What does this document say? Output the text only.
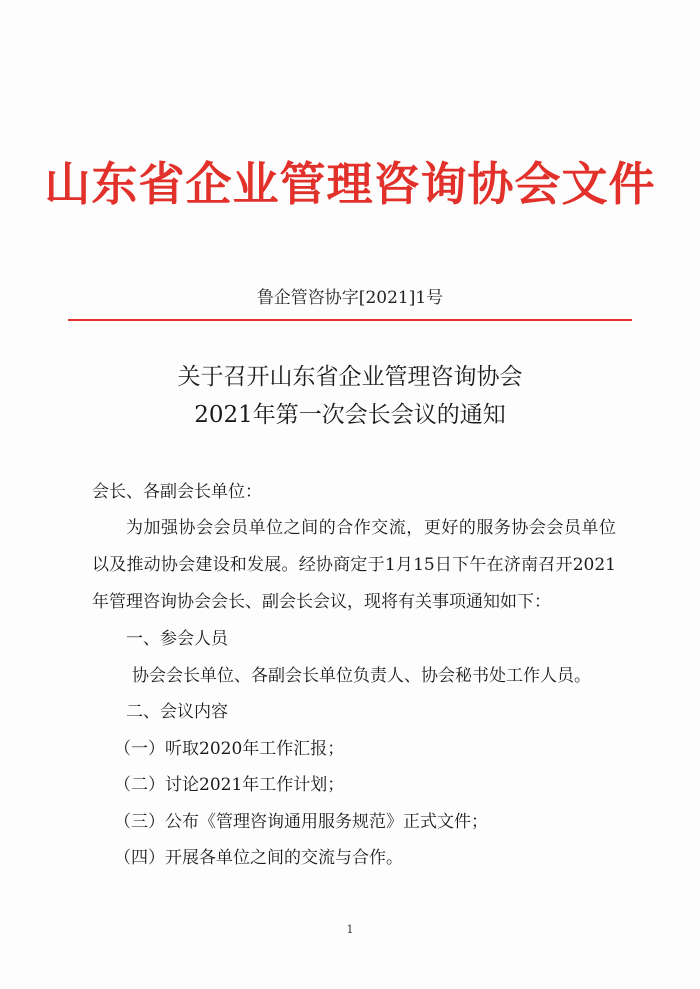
山东省企业管理咨询协会文件
鲁企管咨协字[2021]1号
关于召开山东省企业管理咨询协会
2021年第一次会长会议的通知
会长、各副会长单位：
为加强协会会员单位之间的合作交流，更好的服务协会会员单位以及推动协会建设和发展。经协商定于1月15日下午在济南召开2021年管理咨询协会会长、副会长会议，现将有关事项通知如下：
一、参会人员
协会会长单位、各副会长单位负责人、协会秘书处工作人员。
二、会议内容
（一）听取2020年工作汇报；
（二）讨论2021年工作计划；
（三）公布《管理咨询通用服务规范》正式文件；
（四）开展各单位之间的交流与合作。
1
